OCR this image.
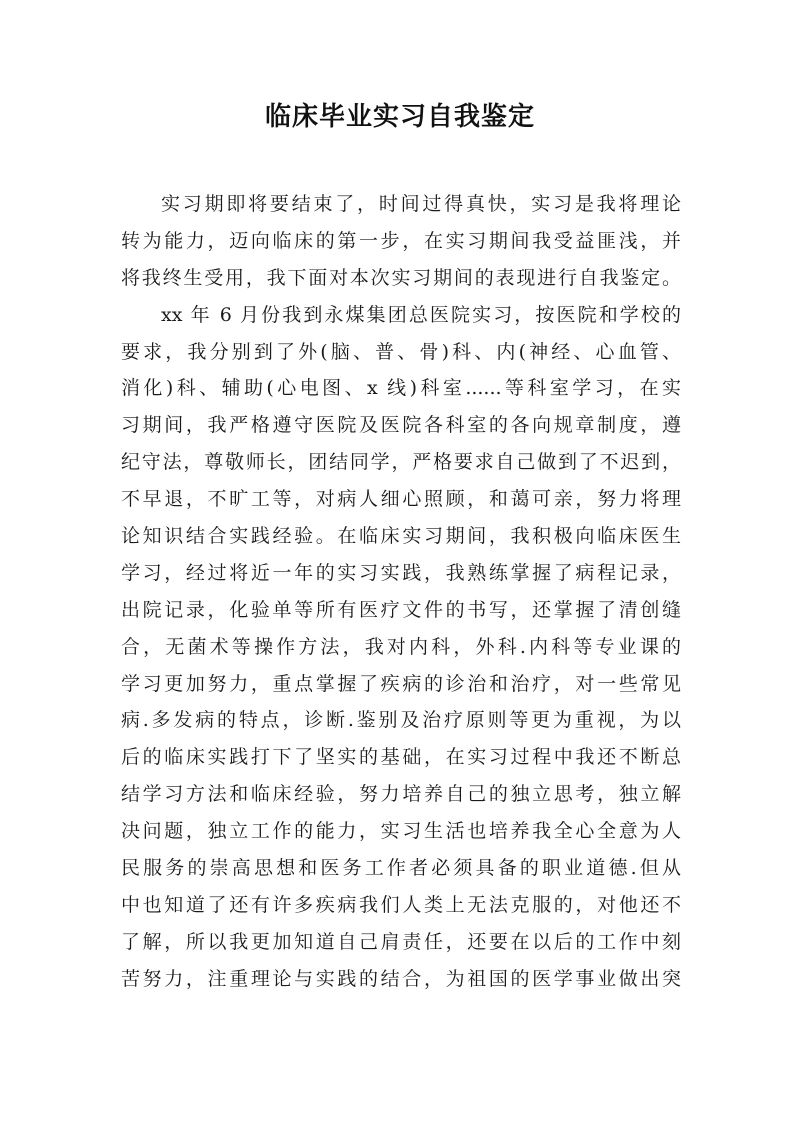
临床毕业实习自我鉴定
实习期即将要结束了，时间过得真快，实习是我将理论
转为能力，迈向临床的第一步，在实习期间我受益匪浅，并
将我终生受用，我下面对本次实习期间的表现进行自我鉴定。
xx 年 6 月份我到永煤集团总医院实习，按医院和学校的
要求，我分别到了外(脑、普、骨)科、内(神经、心血管、
消化)科、辅助(心电图、x 线)科室......等科室学习，在实
习期间，我严格遵守医院及医院各科室的各向规章制度，遵
纪守法，尊敬师长，团结同学，严格要求自己做到了不迟到，
不早退，不旷工等，对病人细心照顾，和蔼可亲，努力将理
论知识结合实践经验。在临床实习期间，我积极向临床医生
学习，经过将近一年的实习实践，我熟练掌握了病程记录，
出院记录，化验单等所有医疗文件的书写，还掌握了清创缝
合，无菌术等操作方法，我对内科，外科.内科等专业课的
学习更加努力，重点掌握了疾病的诊治和治疗，对一些常见
病.多发病的特点，诊断.鉴别及治疗原则等更为重视，为以
后的临床实践打下了坚实的基础，在实习过程中我还不断总
结学习方法和临床经验，努力培养自己的独立思考，独立解
决问题，独立工作的能力，实习生活也培养我全心全意为人
民服务的崇高思想和医务工作者必须具备的职业道德.但从
中也知道了还有许多疾病我们人类上无法克服的，对他还不
了解，所以我更加知道自己肩责任，还要在以后的工作中刻
苦努力，注重理论与实践的结合，为祖国的医学事业做出突
